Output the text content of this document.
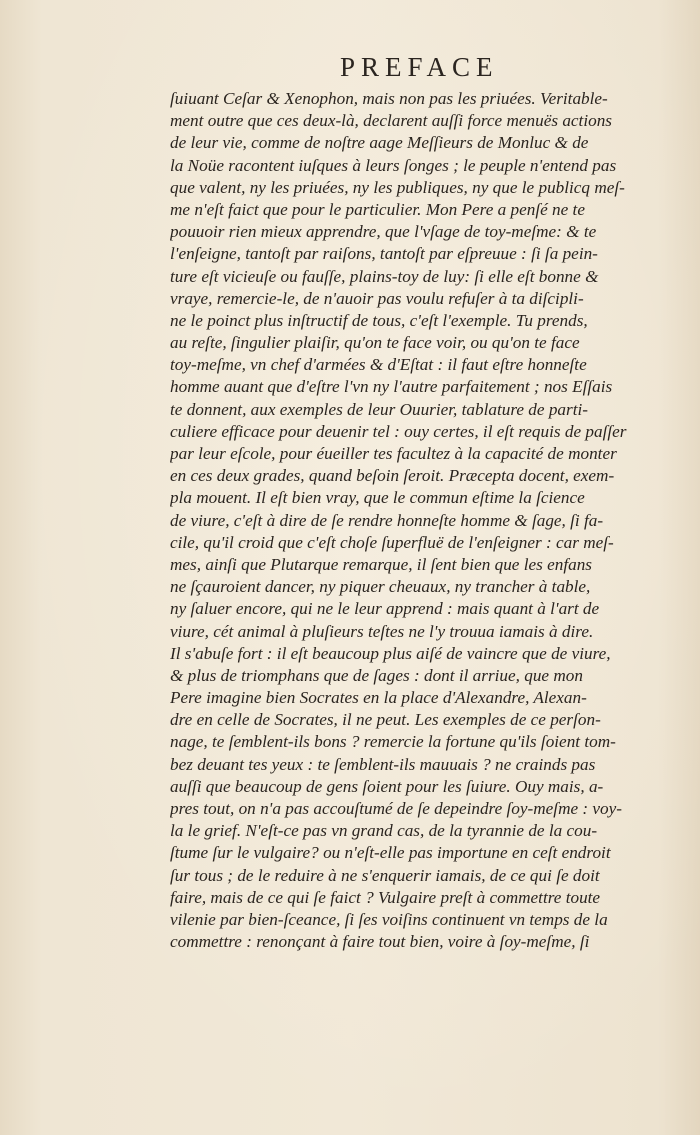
PREFACE
ſuiuant Ceſar & Xenophon, mais non pas les priuées. Veritable-
ment outre que ces deux-là, declarent auſſi force menuës actions
de leur vie, comme de noſtre aage Meſſieurs de Monluc & de
la Noüe racontent iuſques à leurs ſonges ; le peuple n'entend pas
que valent, ny les priuées, ny les publiques, ny que le publicq meſ-
me n'eſt faict que pour le particulier. Mon Pere a penſé ne te
pouuoir rien mieux apprendre, que l'vſage de toy-meſme: & te
l'enſeigne, tantoſt par raiſons, tantoſt par eſpreuue : ſi ſa pein-
ture eſt vicieuſe ou fauſſe, plains-toy de luy: ſi elle eſt bonne &
vraye, remercie-le, de n'auoir pas voulu refuſer à ta diſcipli-
ne le poinct plus inſtructif de tous, c'eſt l'exemple. Tu prends,
au reſte, ſingulier plaiſir, qu'on te face voir, ou qu'on te face
toy-meſme, vn chef d'armées & d'Eſtat : il faut eſtre honneſte
homme auant que d'eſtre l'vn ny l'autre parfaitement ; nos Eſſais
te donnent, aux exemples de leur Ouurier, tablature de parti-
culiere efficace pour deuenir tel : ouy certes, il eſt requis de paſſer
par leur eſcole, pour éueiller tes facultez à la capacité de monter
en ces deux grades, quand beſoin ſeroit. Præcepta docent, exem-
pla mouent. Il eſt bien vray, que le commun eſtime la ſcience
de viure, c'eſt à dire de ſe rendre honneſte homme & ſage, ſi fa-
cile, qu'il croid que c'eſt choſe ſuperfluë de l'enſeigner : car meſ-
mes, ainſi que Plutarque remarque, il ſent bien que les enfans
ne ſçauroient dancer, ny piquer cheuaux, ny trancher à table,
ny ſaluer encore, qui ne le leur apprend : mais quant à l'art de
viure, cét animal à pluſieurs teſtes ne l'y trouua iamais à dire.
Il s'abuſe fort : il eſt beaucoup plus aiſé de vaincre que de viure,
& plus de triomphans que de ſages : dont il arriue, que mon
Pere imagine bien Socrates en la place d'Alexandre, Alexan-
dre en celle de Socrates, il ne peut. Les exemples de ce perſon-
nage, te ſemblent-ils bons ? remercie la fortune qu'ils ſoient tom-
bez deuant tes yeux : te ſemblent-ils mauuais ? ne crainds pas
auſſi que beaucoup de gens ſoient pour les ſuiure. Ouy mais, a-
pres tout, on n'a pas accouſtumé de ſe depeindre ſoy-meſme : voy-
la le grief. N'eſt-ce pas vn grand cas, de la tyrannie de la cou-
ſtume ſur le vulgaire? ou n'eſt-elle pas importune en ceſt endroit
ſur tous ; de le reduire à ne s'enquerir iamais, de ce qui ſe doit
faire, mais de ce qui ſe faict ? Vulgaire preſt à commettre toute
vilenie par bien-ſceance, ſi ſes voiſins continuent vn temps de la
commettre : renonçant à faire tout bien, voire à ſoy-meſme, ſi
